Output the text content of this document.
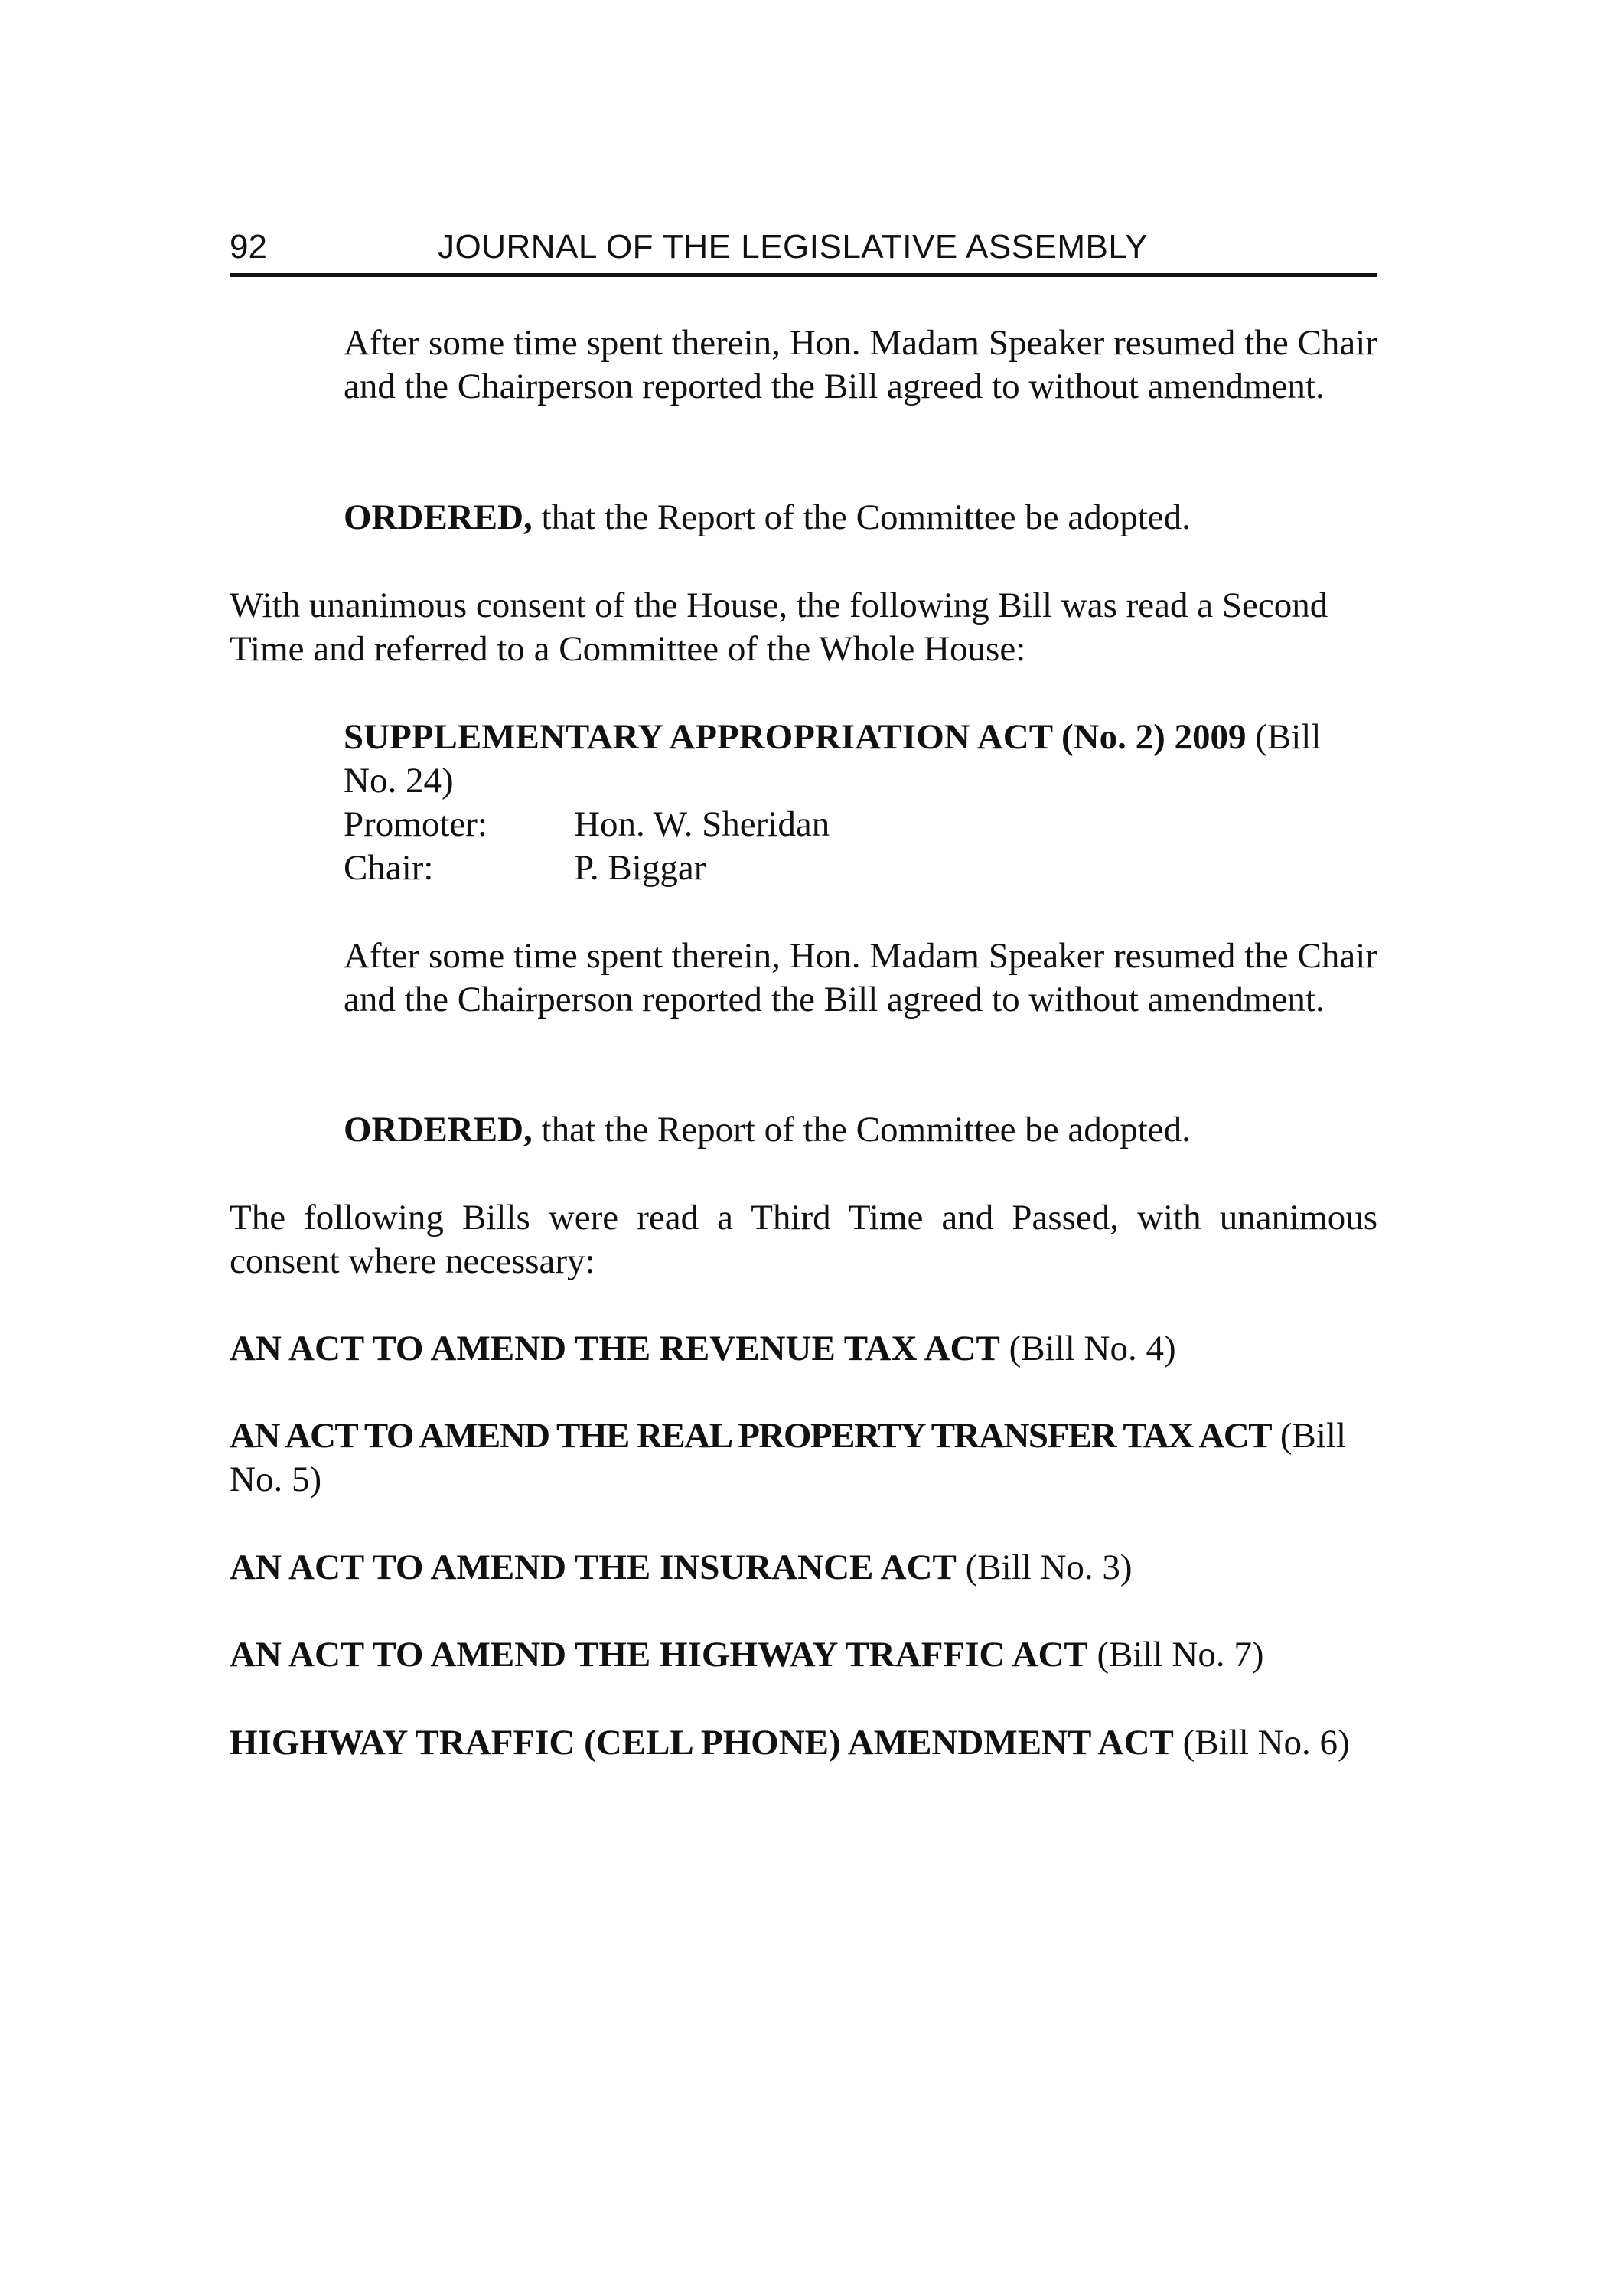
92	JOURNAL OF THE LEGISLATIVE ASSEMBLY
After some time spent therein, Hon. Madam Speaker resumed the Chair and the Chairperson reported the Bill agreed to without amendment.
ORDERED, that the Report of the Committee be adopted.
With unanimous consent of the House, the following Bill was read a Second Time and referred to a Committee of the Whole House:
SUPPLEMENTARY APPROPRIATION ACT (No. 2) 2009 (Bill No. 24)
Promoter: Hon. W. Sheridan
Chair:	P. Biggar
After some time spent therein, Hon. Madam Speaker resumed the Chair and the Chairperson reported the Bill agreed to without amendment.
ORDERED, that the Report of the Committee be adopted.
The following Bills were read a Third Time and Passed, with unanimous consent where necessary:
AN ACT TO AMEND THE REVENUE TAX ACT (Bill No. 4)
AN ACT TO AMEND THE REAL PROPERTY TRANSFER TAX ACT (Bill No. 5)
AN ACT TO AMEND THE INSURANCE ACT (Bill No. 3)
AN ACT TO AMEND THE HIGHWAY TRAFFIC ACT (Bill No. 7)
HIGHWAY TRAFFIC (CELL PHONE) AMENDMENT ACT (Bill No. 6)
